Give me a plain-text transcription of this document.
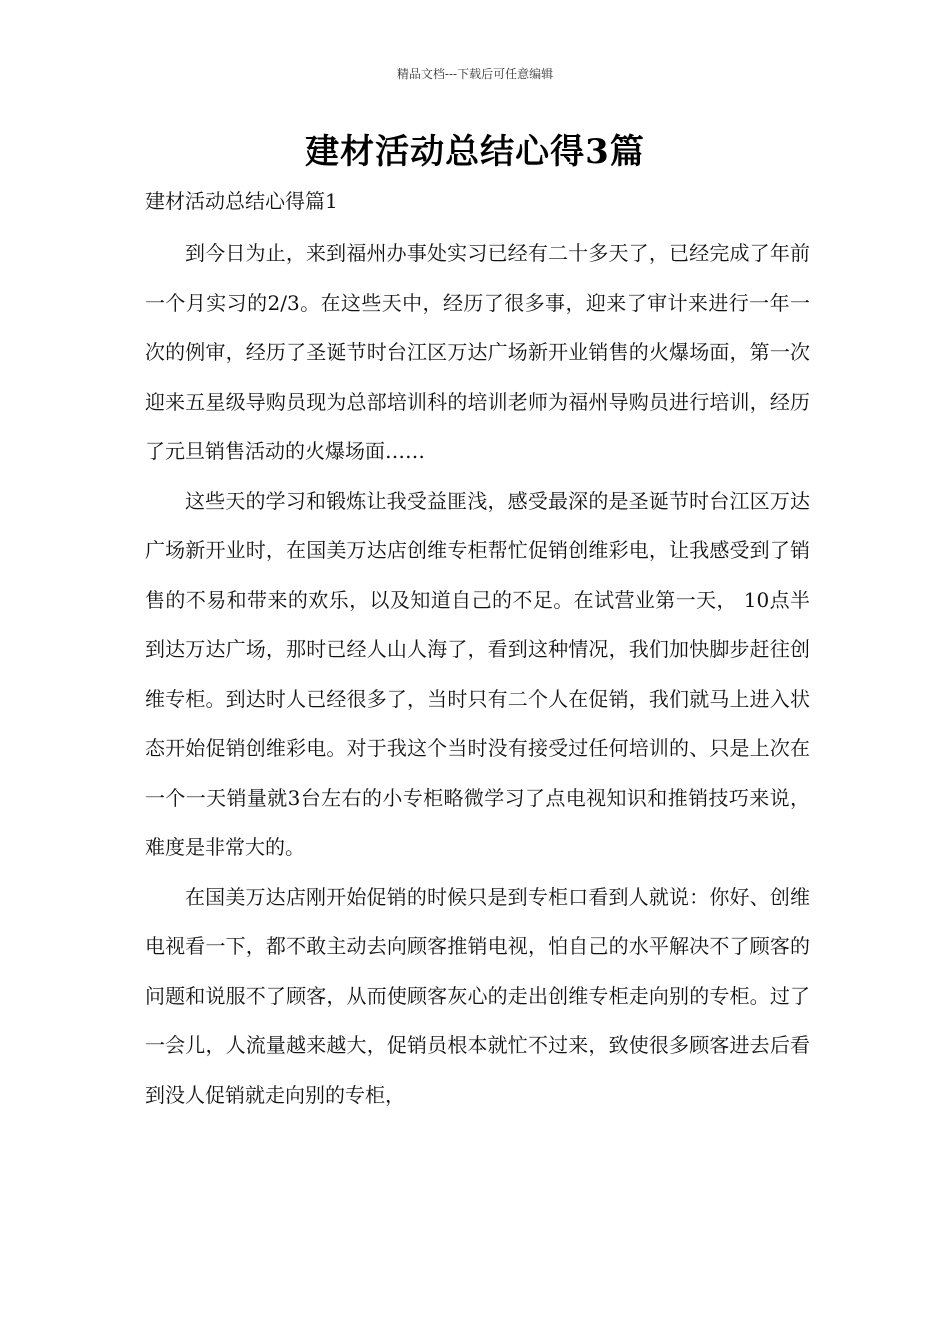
精品文档---下载后可任意编辑
建材活动总结心得3篇
建材活动总结心得篇1

到今日为止，来到福州办事处实习已经有二十多天了，已经完成了年前一个月实习的2/3。在这些天中，经历了很多事，迎来了审计来进行一年一次的例审，经历了圣诞节时台江区万达广场新开业销售的火爆场面，第一次迎来五星级导购员现为总部培训科的培训老师为福州导购员进行培训，经历了元旦销售活动的火爆场面……

这些天的学习和锻炼让我受益匪浅，感受最深的是圣诞节时台江区万达广场新开业时，在国美万达店创维专柜帮忙促销创维彩电，让我感受到了销售的不易和带来的欢乐，以及知道自己的不足。在试营业第一天， 10点半到达万达广场，那时已经人山人海了，看到这种情况，我们加快脚步赶往创维专柜。到达时人已经很多了，当时只有二个人在促销，我们就马上进入状态开始促销创维彩电。对于我这个当时没有接受过任何培训的、只是上次在一个一天销量就3台左右的小专柜略微学习了点电视知识和推销技巧来说，难度是非常大的。

在国美万达店刚开始促销的时候只是到专柜口看到人就说：你好、创维电视看一下，都不敢主动去向顾客推销电视，怕自己的水平解决不了顾客的问题和说服不了顾客，从而使顾客灰心的走出创维专柜走向别的专柜。过了一会儿，人流量越来越大，促销员根本就忙不过来，致使很多顾客进去后看到没人促销就走向别的专柜，
